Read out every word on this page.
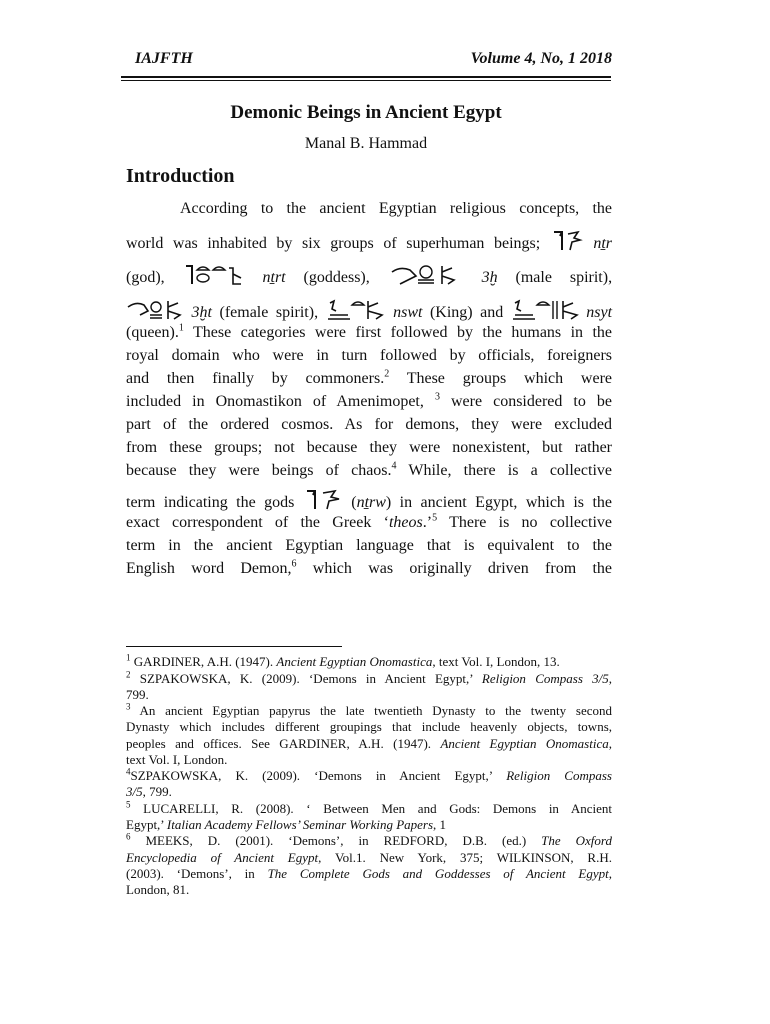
IAJFTH	Volume 4, No, 1 2018
Demonic Beings in Ancient Egypt
Manal B. Hammad
Introduction
According to the ancient Egyptian religious concepts, the
world was inhabited by six groups of superhuman beings;	nṯr
(god),	nṯrt (goddess),	3ḫ (male spirit),
3ḫt (female spirit),	nswt (King) and	nsyt
(queen).$^1$ These categories were first followed by the humans in the
royal domain who were in turn followed by officials, foreigners
and then finally by commoners.$^2$ These groups which were
included in Onomastikon of Amenimopet, $^3$ were considered to be
part of the ordered cosmos. As for demons, they were excluded
from these groups; not because they were nonexistent, but rather
because they were beings of chaos.$^4$ While, there is a collective
term indicating the gods	(nṯrw) in ancient Egypt, which is the
exact correspondent of the Greek ‘theos.’$^5$ There is no collective
term in the ancient Egyptian language that is equivalent to the
English word Demon,$^6$ which was originally driven from the
$^1$ GARDINER, A.H. (1947). Ancient Egyptian Onomastica, text Vol. I, London, 13.
$^2$ SZPAKOWSKA, K. (2009). ‘Demons in Ancient Egypt,’ Religion Compass 3/5,
799.
$^3$ An ancient Egyptian papyrus the late twentieth Dynasty to the twenty second
Dynasty which includes different groupings that include heavenly objects, towns,
peoples and offices. See GARDINER, A.H. (1947). Ancient Egyptian Onomastica,
text Vol. I, London.
$^4$SZPAKOWSKA, K. (2009). ‘Demons in Ancient Egypt,’ Religion Compass
3/5, 799.
$^5$ LUCARELLI, R. (2008). ‘ Between Men and Gods: Demons in Ancient
Egypt,’ Italian Academy Fellows’ Seminar Working Papers, 1
$^6$ MEEKS, D. (2001). ‘Demons’, in REDFORD, D.B. (ed.) The Oxford
Encyclopedia of Ancient Egypt, Vol.1. New York, 375; WILKINSON, R.H.
(2003). ‘Demons’, in The Complete Gods and Goddesses of Ancient Egypt,
London, 81.
